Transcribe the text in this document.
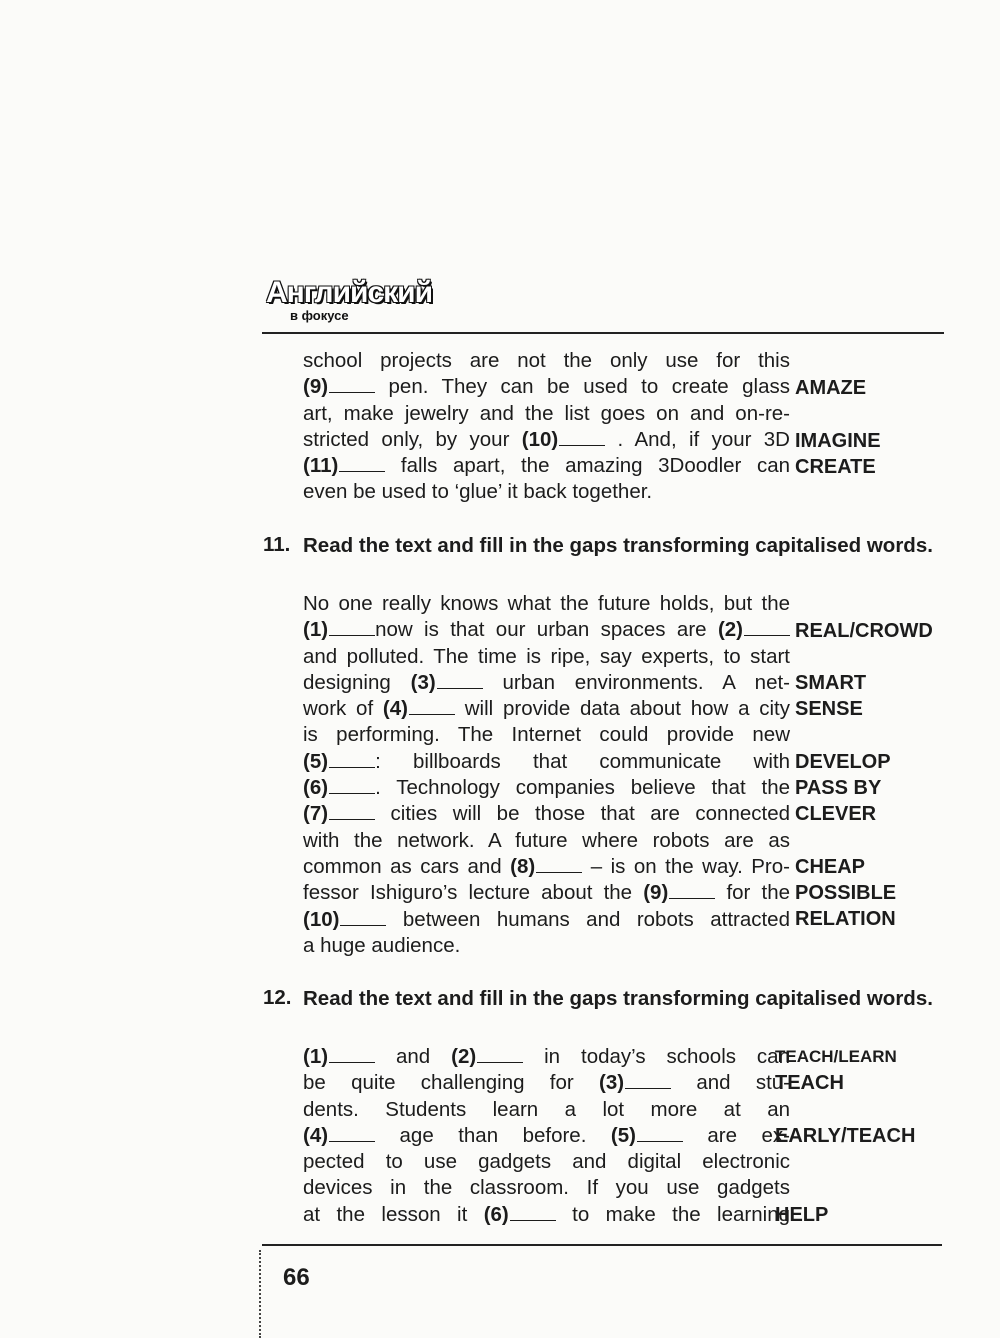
Английский
в фокусе
school projects are not the only use for this
(9) pen. They can be used to create glass
art, make jewelry and the list goes on and on-re-
stricted only, by your (10) . And, if your 3D
(11) falls apart, the amazing 3Doodler can
even be used to ‘glue’ it back together.
AMAZE
IMAGINE
CREATE
11. Read the text and fill in the gaps transforming capitalised words.
No one really knows what the future holds, but the
(1) now is that our urban spaces are (2)
and polluted. The time is ripe, say experts, to start
designing (3) urban environments. A net-
work of (4) will provide data about how a city
is performing. The Internet could provide new
(5) : billboards that communicate with
(6) . Technology companies believe that the
(7) cities will be those that are connected
with the network. A future where robots are as
common as cars and (8) – is on the way. Pro-
fessor Ishiguro’s lecture about the (9) for the
(10) between humans and robots attracted
a huge audience.
REAL/CROWD
SMART
SENSE
DEVELOP
PASS BY
CLEVER
CHEAP
POSSIBLE
RELATION
12. Read the text and fill in the gaps transforming capitalised words.
(1) and (2) in today’s schools can
be quite challenging for (3) and stu-
dents. Students learn a lot more at an
(4) age than before. (5) are ex-
pected to use gadgets and digital electronic
devices in the classroom. If you use gadgets
at the lesson it (6) to make the learning
TEACH/LEARN
TEACH
EARLY/TEACH
HELP
66
